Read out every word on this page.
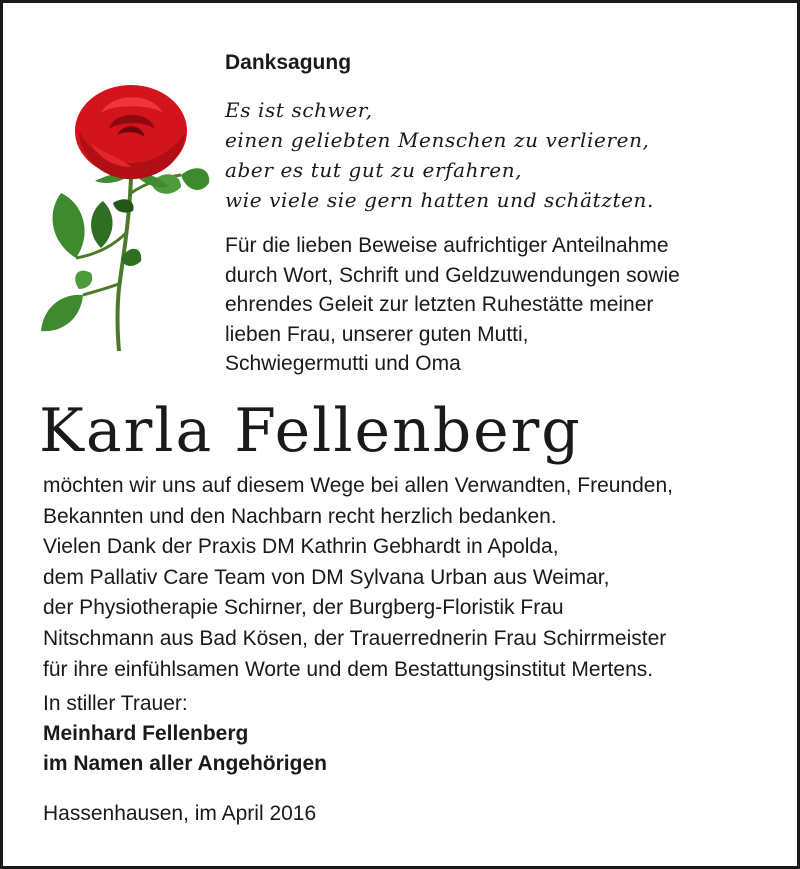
Danksagung
Es ist schwer,
einen geliebten Menschen zu verlieren,
aber es tut gut zu erfahren,
wie viele sie gern hatten und schätzten.
Für die lieben Beweise aufrichtiger Anteilnahme
durch Wort, Schrift und Geldzuwendungen sowie
ehrendes Geleit zur letzten Ruhestätte meiner
lieben Frau, unserer guten Mutti,
Schwiegermutti und Oma
Karla Fellenberg
möchten wir uns auf diesem Wege bei allen Verwandten, Freunden,
Bekannten und den Nachbarn recht herzlich bedanken.
Vielen Dank der Praxis DM Kathrin Gebhardt in Apolda,
dem Pallativ Care Team von DM Sylvana Urban aus Weimar,
der Physiotherapie Schirner, der Burgberg-Floristik Frau
Nitschmann aus Bad Kösen, der Trauerrednerin Frau Schirrmeister
für ihre einfühlsamen Worte und dem Bestattungsinstitut Mertens.
In stiller Trauer:
Meinhard Fellenberg
im Namen aller Angehörigen
Hassenhausen, im April 2016
